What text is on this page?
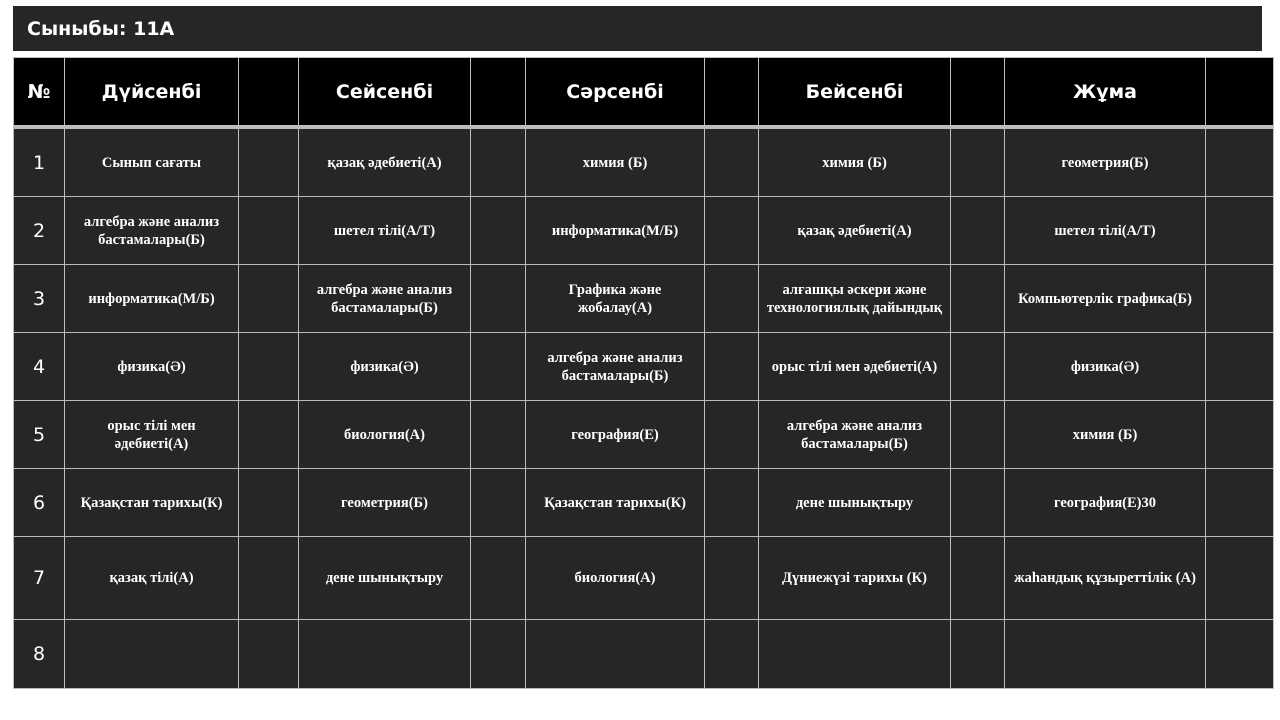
Сыныбы: 11А
№	Дүйсенбі		Сейсенбі		Сәрсенбі		Бейсенбі		Жұма	
1	Сынып сағаты		қазақ әдебиеті(А)		химия (Б)		химия (Б)		геометрия(Б)	
2	алгебра және анализ бастамалары(Б)		шетел тілі(А/Т)		информатика(М/Б)		қазақ әдебиеті(А)		шетел тілі(А/Т)	
3	информатика(М/Б)		алгебра және анализ бастамалары(Б)		Графика және жобалау(А)		алғашқы әскери және технологиялық дайындық		Компьютерлік графика(Б)	
4	физика(Ә)		физика(Ә)		алгебра және анализ бастамалары(Б)		орыс тілі мен әдебиеті(А)		физика(Ә)	
5	орыс тілі мен әдебиеті(А)		биология(А)		география(Е)		алгебра және анализ бастамалары(Б)		химия (Б)	
6	Қазақстан тарихы(К)		геометрия(Б)		Қазақстан тарихы(К)		дене шынықтыру		география(Е)30	
7	қазақ тілі(А)		дене шынықтыру		биология(А)		Дүниежүзі тарихы (К)		жаһандық құзыреттілік (А)	
8										
